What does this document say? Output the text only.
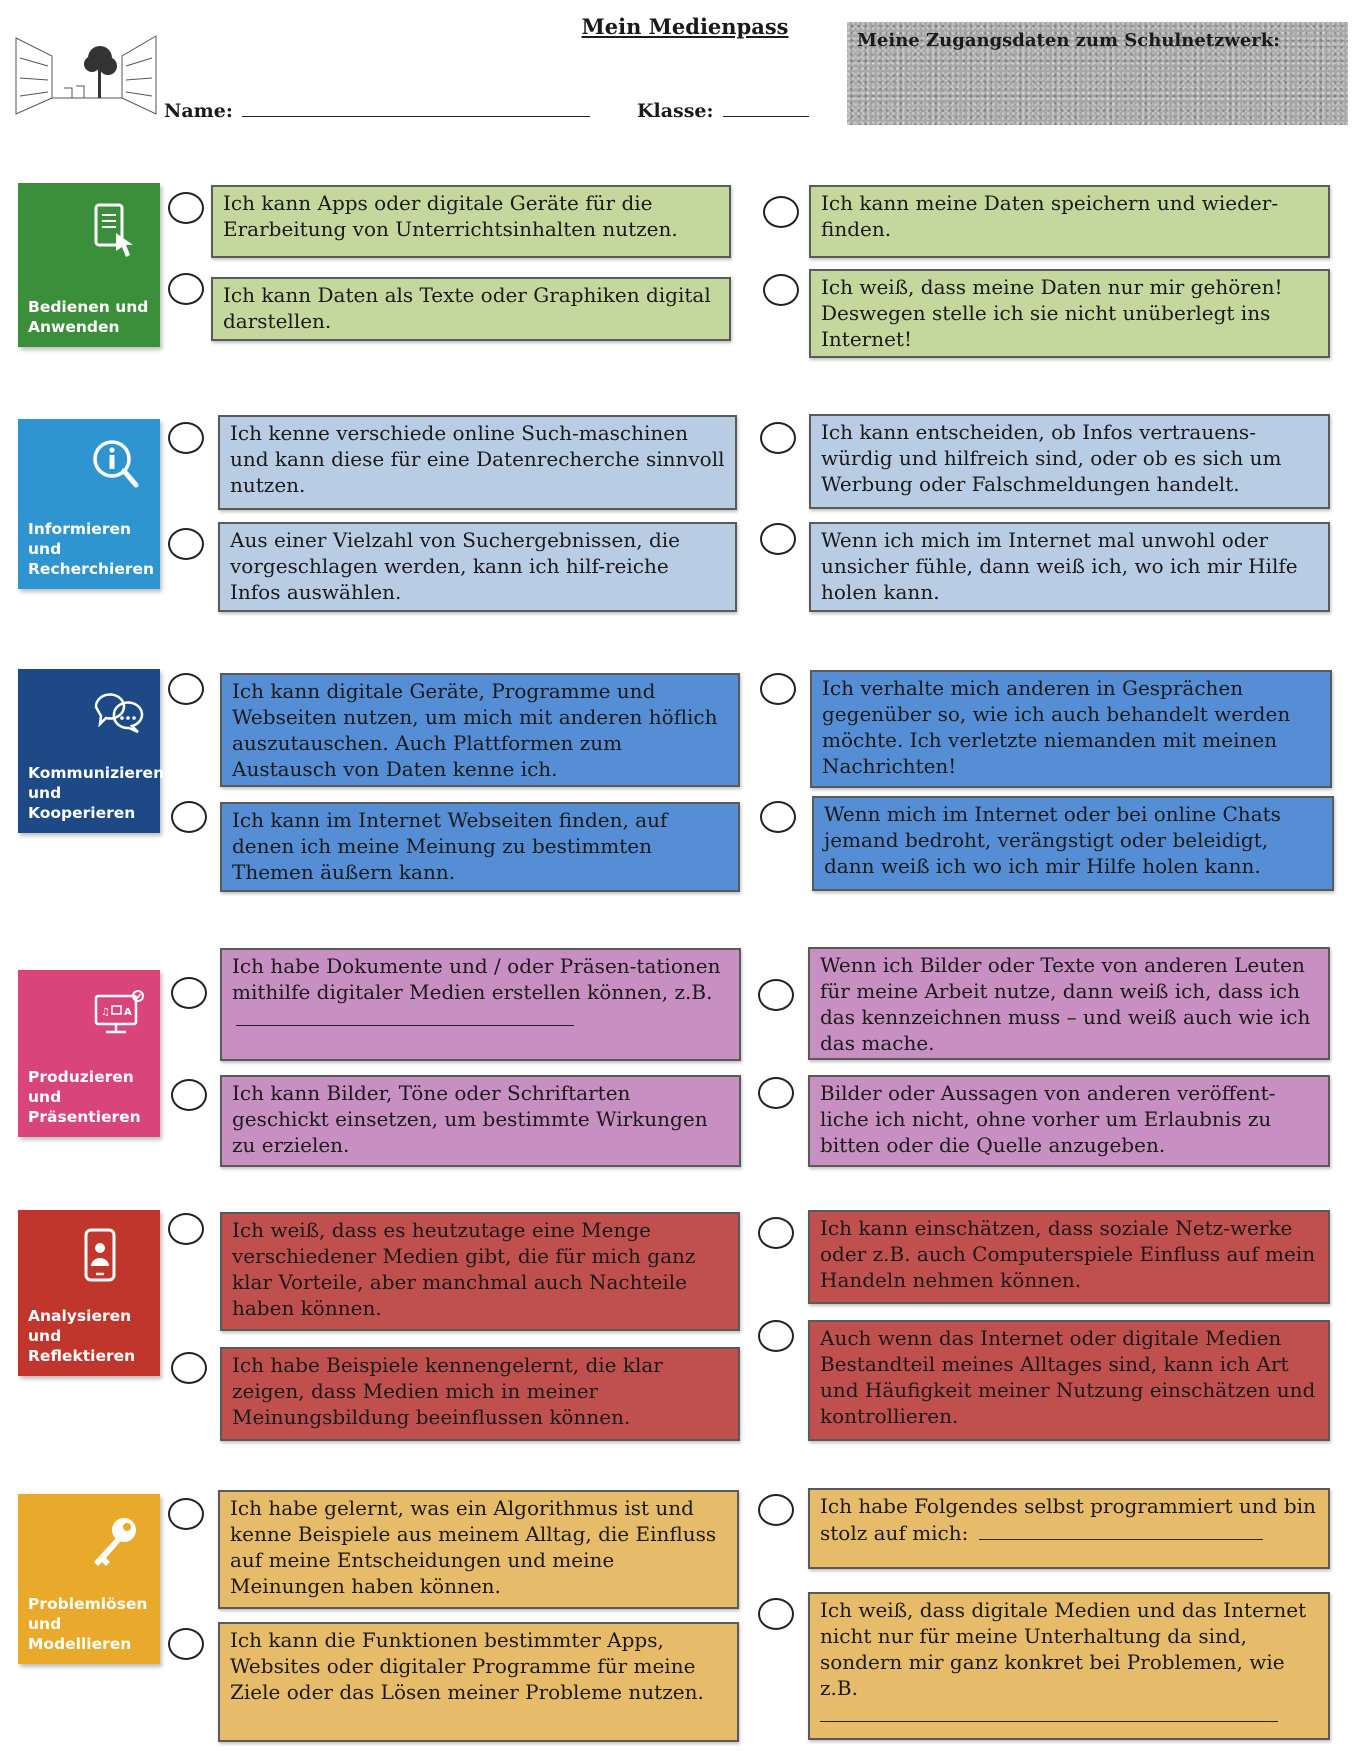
Mein Medienpass
Name:	Klasse:
Meine Zugangsdaten zum Schulnetzwerk:
Bedienen und
Anwenden
Ich kann Apps oder digitale Geräte für die Erarbeitung von Unterrichtsinhalten nutzen.
Ich kann Daten als Texte oder Graphiken digital darstellen.
Ich kann meine Daten speichern und wieder-finden.
Ich weiß, dass meine Daten nur mir gehören! Deswegen stelle ich sie nicht unüberlegt ins Internet!
Informieren
und
Recherchieren
Ich kenne verschiede online Such-maschinen und kann diese für eine Datenrecherche sinnvoll nutzen.
Aus einer Vielzahl von Suchergebnissen, die vorgeschlagen werden, kann ich hilf-reiche Infos auswählen.
Ich kann entscheiden, ob Infos vertrauens-würdig und hilfreich sind, oder ob es sich um Werbung oder Falschmeldungen handelt.
Wenn ich mich im Internet mal unwohl oder unsicher fühle, dann weiß ich, wo ich mir Hilfe holen kann.
Kommunizieren
und
Kooperieren
Ich kann digitale Geräte, Programme und Webseiten nutzen, um mich mit anderen höflich auszutauschen. Auch Plattformen zum Austausch von Daten kenne ich.
Ich kann im Internet Webseiten finden, auf denen ich meine Meinung zu bestimmten Themen äußern kann.
Ich verhalte mich anderen in Gesprächen gegenüber so, wie ich auch behandelt werden möchte. Ich verletzte niemanden mit meinen Nachrichten!
Wenn mich im Internet oder bei online Chats jemand bedroht, verängstigt oder beleidigt, dann weiß ich wo ich mir Hilfe holen kann.
♫ A
Produzieren
und
Präsentieren
Ich habe Dokumente und / oder Präsen-tationen mithilfe digitaler Medien erstellen können, z.B.
Ich kann Bilder, Töne oder Schriftarten geschickt einsetzen, um bestimmte Wirkungen zu erzielen.
Wenn ich Bilder oder Texte von anderen Leuten für meine Arbeit nutze, dann weiß ich, dass ich das kennzeichnen muss – und weiß auch wie ich das mache.
Bilder oder Aussagen von anderen veröffent-liche ich nicht, ohne vorher um Erlaubnis zu bitten oder die Quelle anzugeben.
Analysieren
und
Reflektieren
Ich weiß, dass es heutzutage eine Menge verschiedener Medien gibt, die für mich ganz klar Vorteile, aber manchmal auch Nachteile haben können.
Ich habe Beispiele kennengelernt, die klar zeigen, dass Medien mich in meiner Meinungsbildung beeinflussen können.
Ich kann einschätzen, dass soziale Netz-werke oder z.B. auch Computerspiele Einfluss auf mein Handeln nehmen können.
Auch wenn das Internet oder digitale Medien Bestandteil meines Alltages sind, kann ich Art und Häufigkeit meiner Nutzung einschätzen und kontrollieren.
Problemlösen
und
Modellieren
Ich habe gelernt, was ein Algorithmus ist und kenne Beispiele aus meinem Alltag, die Einfluss auf meine Entscheidungen und meine Meinungen haben können.
Ich kann die Funktionen bestimmter Apps, Websites oder digitaler Programme für meine Ziele oder das Lösen meiner Probleme nutzen.
Ich habe Folgendes selbst programmiert und bin stolz auf mich:
Ich weiß, dass digitale Medien und das Internet nicht nur für meine Unterhaltung da sind, sondern mir ganz konkret bei Problemen, wie z.B.
